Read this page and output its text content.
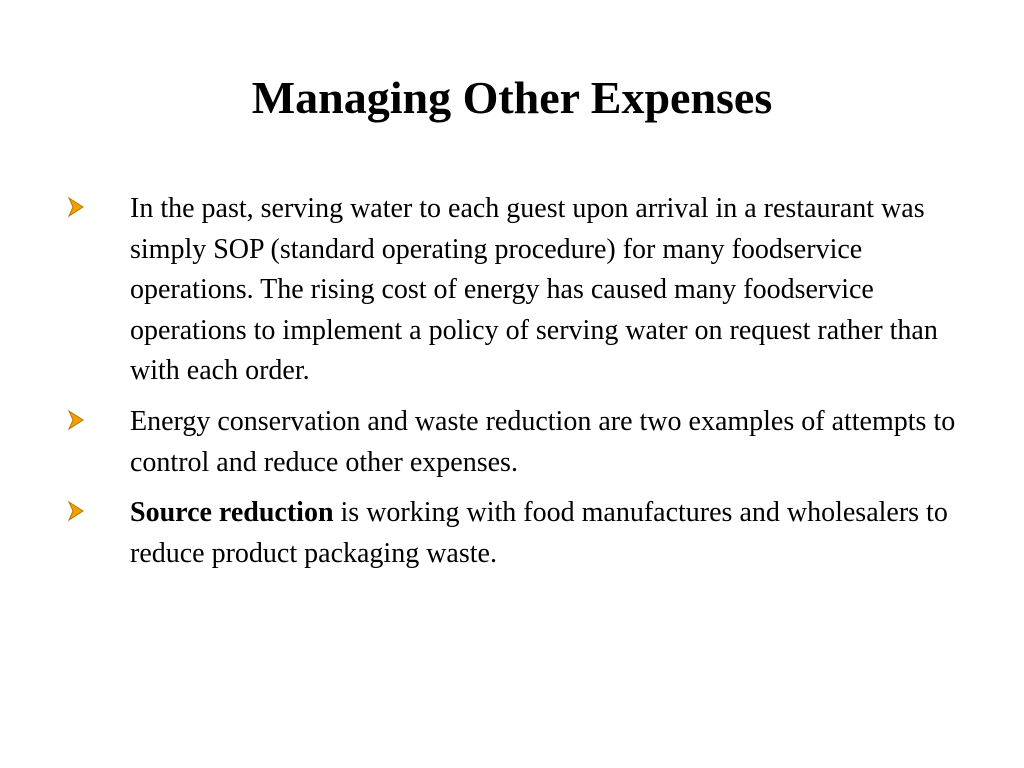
Managing Other Expenses
In the past, serving water to each guest upon arrival in a restaurant was simply SOP (standard operating procedure) for many foodservice operations. The rising cost of energy has caused many foodservice operations to implement a policy of serving water on request rather than with each order.
Energy conservation and waste reduction are two examples of attempts to control and reduce other expenses.
Source reduction is working with food manufactures and wholesalers to reduce product packaging waste.
